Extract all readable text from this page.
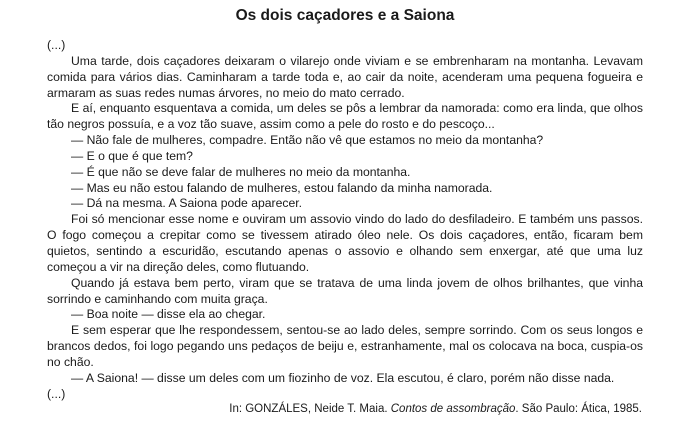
Os dois caçadores e a Saiona

(...)

Uma tarde, dois caçadores deixaram o vilarejo onde viviam e se embrenharam na montanha. Levavam comida para vários dias. Caminharam a tarde toda e, ao cair da noite, acenderam uma pequena fogueira e armaram as suas redes numas árvores, no meio do mato cerrado.

E aí, enquanto esquentava a comida, um deles se pôs a lembrar da namorada: como era linda, que olhos tão negros possuía, e a voz tão suave, assim como a pele do rosto e do pescoço...

— Não fale de mulheres, compadre. Então não vê que estamos no meio da montanha?

— E o que é que tem?

— É que não se deve falar de mulheres no meio da montanha.

— Mas eu não estou falando de mulheres, estou falando da minha namorada.

— Dá na mesma. A Saiona pode aparecer.

Foi só mencionar esse nome e ouviram um assovio vindo do lado do desfiladeiro. E também uns passos. O fogo começou a crepitar como se tivessem atirado óleo nele. Os dois caçadores, então, ficaram bem quietos, sentindo a escuridão, escutando apenas o assovio e olhando sem enxergar, até que uma luz começou a vir na direção deles, como flutuando.

Quando já estava bem perto, viram que se tratava de uma linda jovem de olhos brilhantes, que vinha sorrindo e caminhando com muita graça.

— Boa noite — disse ela ao chegar.

E sem esperar que lhe respondessem, sentou-se ao lado deles, sempre sorrindo. Com os seus longos e brancos dedos, foi logo pegando uns pedaços de beiju e, estranhamente, mal os colocava na boca, cuspia-os no chão.

— A Saiona! — disse um deles com um fiozinho de voz. Ela escutou, é claro, porém não disse nada.

(...)

In: GONZÁLES, Neide T. Maia. Contos de assombração. São Paulo: Ática, 1985.
